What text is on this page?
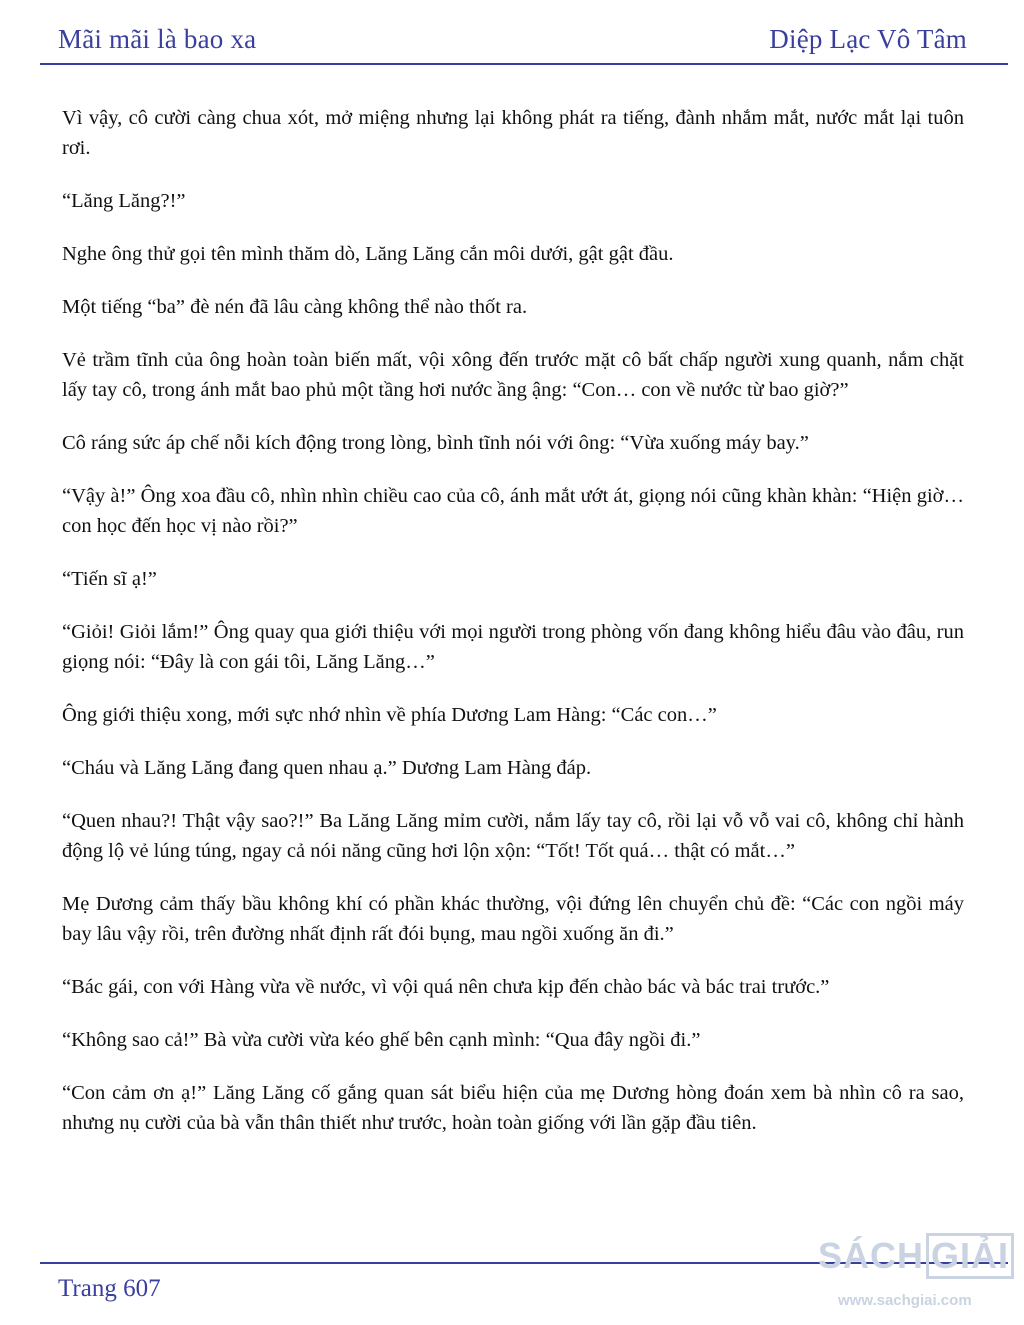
Mãi mãi là bao xa	Diệp Lạc Vô Tâm

Vì vậy, cô cười càng chua xót, mở miệng nhưng lại không phát ra tiếng, đành nhắm mắt, nước mắt lại tuôn rơi.

“Lăng Lăng?!”

Nghe ông thử gọi tên mình thăm dò, Lăng Lăng cắn môi dưới, gật gật đầu.

Một tiếng “ba” đè nén đã lâu càng không thể nào thốt ra.

Vẻ trầm tĩnh của ông hoàn toàn biến mất, vội xông đến trước mặt cô bất chấp người xung quanh, nắm chặt lấy tay cô, trong ánh mắt bao phủ một tầng hơi nước ầng ậng: “Con… con về nước từ bao giờ?”

Cô ráng sức áp chế nỗi kích động trong lòng, bình tĩnh nói với ông: “Vừa xuống máy bay.”

“Vậy à!” Ông xoa đầu cô, nhìn nhìn chiều cao của cô, ánh mắt ướt át, giọng nói cũng khàn khàn: “Hiện giờ… con học đến học vị nào rồi?”

“Tiến sĩ ạ!”

“Giỏi! Giỏi lắm!” Ông quay qua giới thiệu với mọi người trong phòng vốn đang không hiểu đâu vào đâu, run giọng nói: “Đây là con gái tôi, Lăng Lăng…”

Ông giới thiệu xong, mới sực nhớ nhìn về phía Dương Lam Hàng: “Các con…”

“Cháu và Lăng Lăng đang quen nhau ạ.” Dương Lam Hàng đáp.

“Quen nhau?! Thật vậy sao?!” Ba Lăng Lăng mỉm cười, nắm lấy tay cô, rồi lại vỗ vỗ vai cô, không chỉ hành động lộ vẻ lúng túng, ngay cả nói năng cũng hơi lộn xộn: “Tốt! Tốt quá… thật có mắt…”

Mẹ Dương cảm thấy bầu không khí có phần khác thường, vội đứng lên chuyển chủ đề: “Các con ngồi máy bay lâu vậy rồi, trên đường nhất định rất đói bụng, mau ngồi xuống ăn đi.”

“Bác gái, con với Hàng vừa về nước, vì vội quá nên chưa kịp đến chào bác và bác trai trước.”

“Không sao cả!” Bà vừa cười vừa kéo ghế bên cạnh mình: “Qua đây ngồi đi.”

“Con cảm ơn ạ!” Lăng Lăng cố gắng quan sát biểu hiện của mẹ Dương hòng đoán xem bà nhìn cô ra sao, nhưng nụ cười của bà vẫn thân thiết như trước, hoàn toàn giống với lần gặp đầu tiên.

Trang 607
SÁCH GIẢI
www.sachgiai.com
